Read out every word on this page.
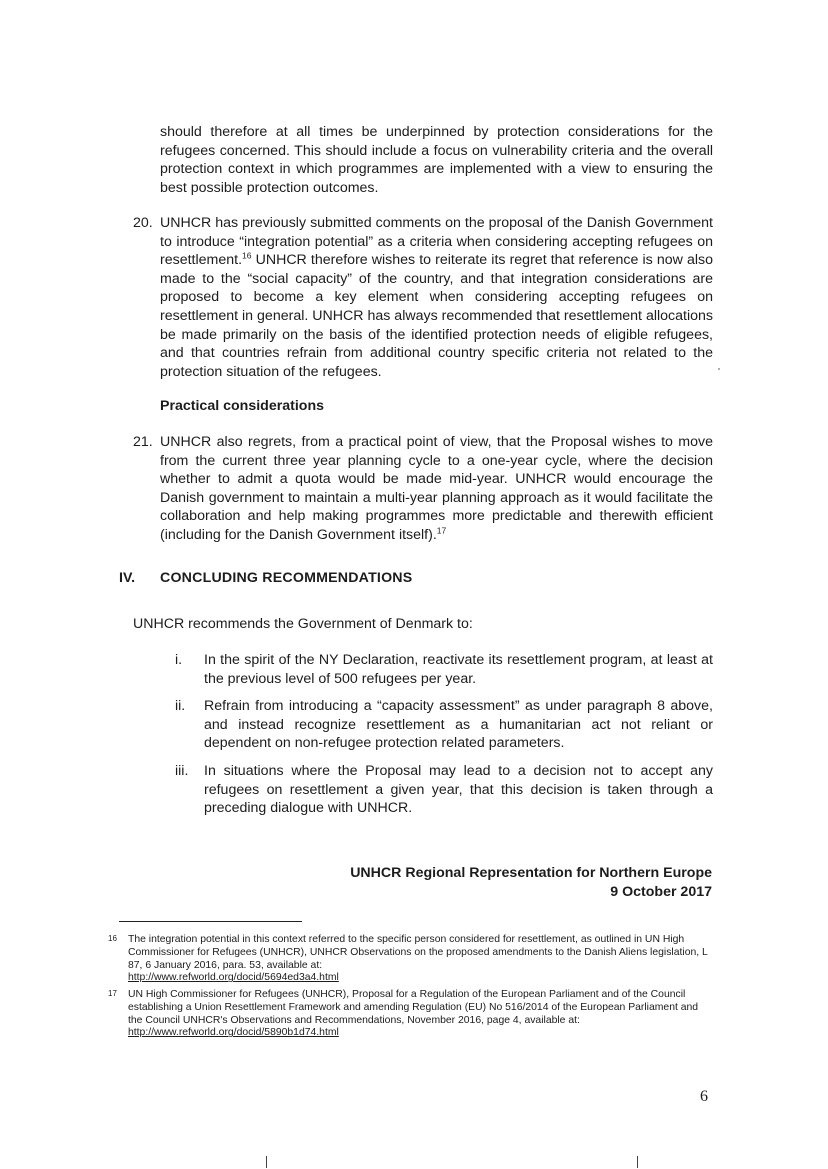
should therefore at all times be underpinned by protection considerations for the refugees concerned. This should include a focus on vulnerability criteria and the overall protection context in which programmes are implemented with a view to ensuring the best possible protection outcomes.

20. UNHCR has previously submitted comments on the proposal of the Danish Government to introduce “integration potential” as a criteria when considering accepting refugees on resettlement.$^{16}$ UNHCR therefore wishes to reiterate its regret that reference is now also made to the “social capacity” of the country, and that integration considerations are proposed to become a key element when considering accepting refugees on resettlement in general. UNHCR has always recommended that resettlement allocations be made primarily on the basis of the identified protection needs of eligible refugees, and that countries refrain from additional country specific criteria not related to the protection situation of the refugees.

Practical considerations
21. UNHCR also regrets, from a practical point of view, that the Proposal wishes to move from the current three year planning cycle to a one-year cycle, where the decision whether to admit a quota would be made mid-year. UNHCR would encourage the Danish government to maintain a multi-year planning approach as it would facilitate the collaboration and help making programmes more predictable and therewith efficient (including for the Danish Government itself).$^{17}$

IV. CONCLUDING RECOMMENDATIONS
UNHCR recommends the Government of Denmark to:
i. In the spirit of the NY Declaration, reactivate its resettlement program, at least at the previous level of 500 refugees per year.

ii. Refrain from introducing a “capacity assessment” as under paragraph 8 above, and instead recognize resettlement as a humanitarian act not reliant or dependent on non-refugee protection related parameters.

iii. In situations where the Proposal may lead to a decision not to accept any refugees on resettlement a given year, that this decision is taken through a preceding dialogue with UNHCR.

UNHCR Regional Representation for Northern Europe
9 October 2017
16 The integration potential in this context referred to the specific person considered for resettlement, as outlined in UN High Commissioner for Refugees (UNHCR), UNHCR Observations on the proposed amendments to the Danish Aliens legislation, L 87, 6 January 2016, para. 53, available at:
http://www.refworld.org/docid/5694ed3a4.html

17 UN High Commissioner for Refugees (UNHCR), Proposal for a Regulation of the European Parliament and of the Council establishing a Union Resettlement Framework and amending Regulation (EU) No 516/2014 of the European Parliament and the Council UNHCR's Observations and Recommendations, November 2016, page 4, available at: http://www.refworld.org/docid/5890b1d74.html

6
